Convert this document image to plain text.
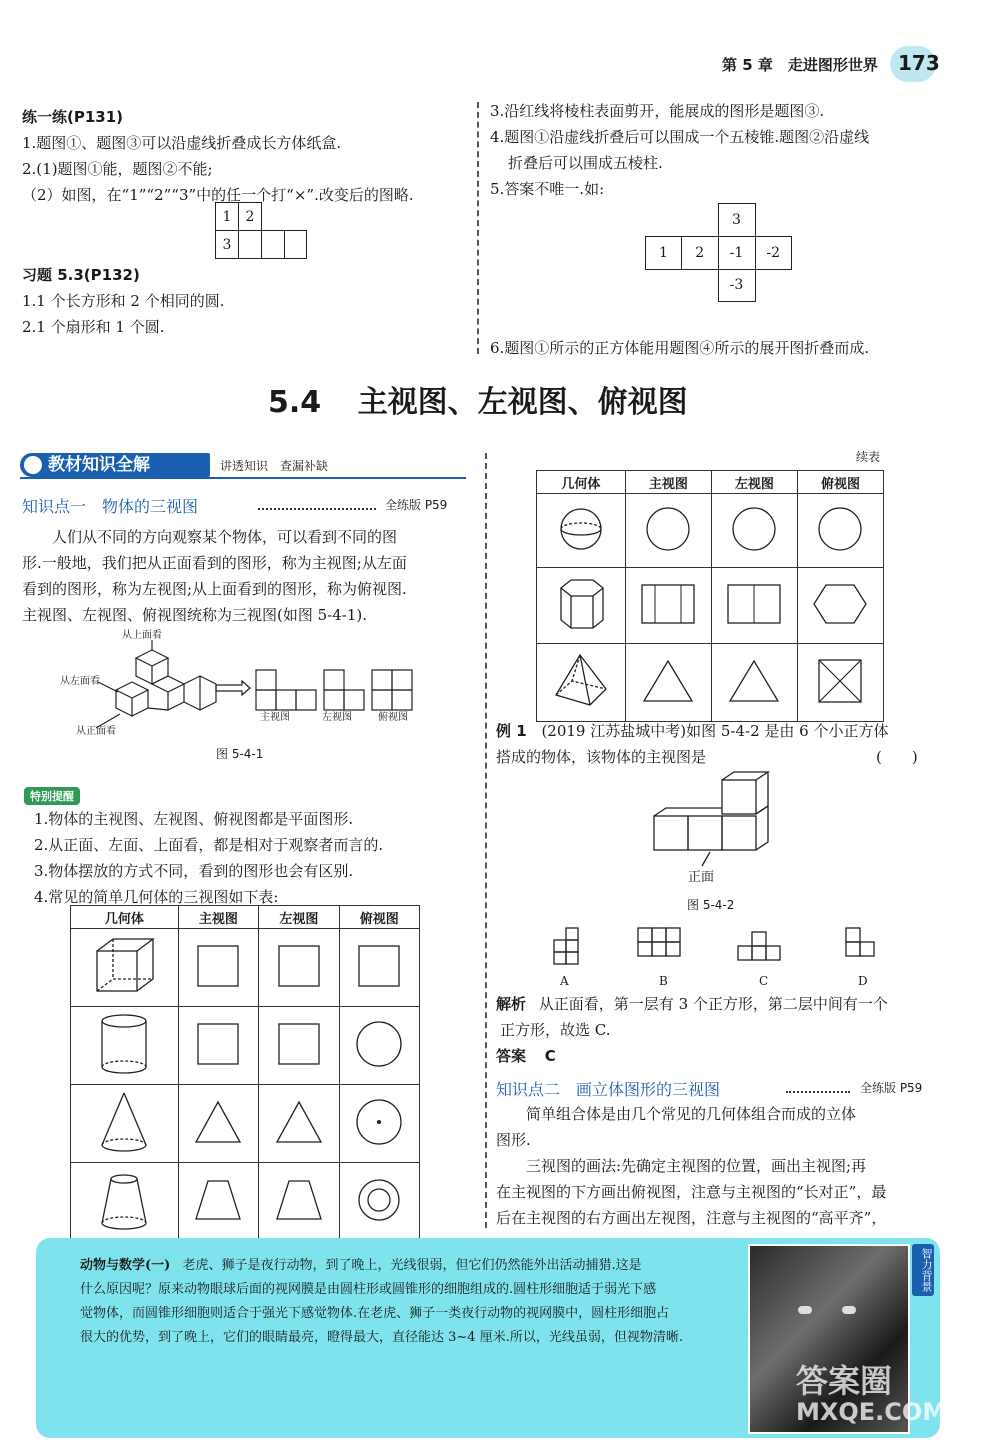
第 5 章　走进图形世界 173

练一练(P131)

1.题图①、题图③可以沿虚线折叠成长方体纸盒.

2.(1)题图①能，题图②不能;

（2）如图，在“1”“2”“3”中的任一个打“×”.改变后的图略.

1	2		
3			

习题 5.3(P132)

1.1 个长方形和 2 个相同的圆.

2.1 个扇形和 1 个圆.

3.沿红线将棱柱表面剪开，能展成的图形是题图③.

4.题图①沿虚线折叠后可以围成一个五棱锥.题图②沿虚线

折叠后可以围成五棱柱.

5.答案不唯一.如:

		3	
1	2	-1	-2
		-3	

6.题图①所示的正方体能用题图④所示的展开图折叠而成.

5.4 主视图、左视图、俯视图
教材知识全解	讲透知识　查漏补缺
知识点一　物体的三视图	全练版 P59

人们从不同的方向观察某个物体，可以看到不同的图

形.一般地，我们把从正面看到的图形，称为主视图;从左面

看到的图形，称为左视图;从上面看到的图形，称为俯视图.

主视图、左视图、俯视图统称为三视图(如图 5-4-1).

从上面看
从左面看
从正面看
主视图	左视图	俯视图
图 5-4-1
特别提醒

1.物体的主视图、左视图、俯视图都是平面图形.

2.从正面、左面、上面看，都是相对于观察者而言的.

3.物体摆放的方式不同，看到的图形也会有区别.

4.常见的简单几何体的三视图如下表:

几何体	主视图	左视图	俯视图

续表
几何体	主视图	左视图	俯视图

例 1 (2019 江苏盐城中考)如图 5-4-2 是由 6 个小正方体

搭成的物体，该物体的主视图是	(　　)
正面
图 5-4-2
A	B	C	D

解析 从正面看，第一层有 3 个正方形，第二层中间有一个

正方形，故选 C.

答案 C

知识点二　画立体图形的三视图	全练版 P59

简单组合体是由几个常见的几何体组合而成的立体

图形.

三视图的画法:先确定主视图的位置，画出主视图;再

在主视图的下方画出俯视图，注意与主视图的“长对正”，最

后在主视图的右方画出左视图，注意与主视图的“高平齐”，

动物与数学(一) 老虎、狮子是夜行动物，到了晚上，光线很弱，但它们仍然能外出活动捕猎.这是

什么原因呢？原来动物眼球后面的视网膜是由圆柱形或圆锥形的细胞组成的.圆柱形细胞适于弱光下感

觉物体，而圆锥形细胞则适合于强光下感觉物体.在老虎、狮子一类夜行动物的视网膜中，圆柱形细胞占

很大的优势，到了晚上，它们的眼睛最亮，瞪得最大，直径能达 3~4 厘米.所以，光线虽弱，但视物清晰.

智力背景
答案圈
MXQE.COM
